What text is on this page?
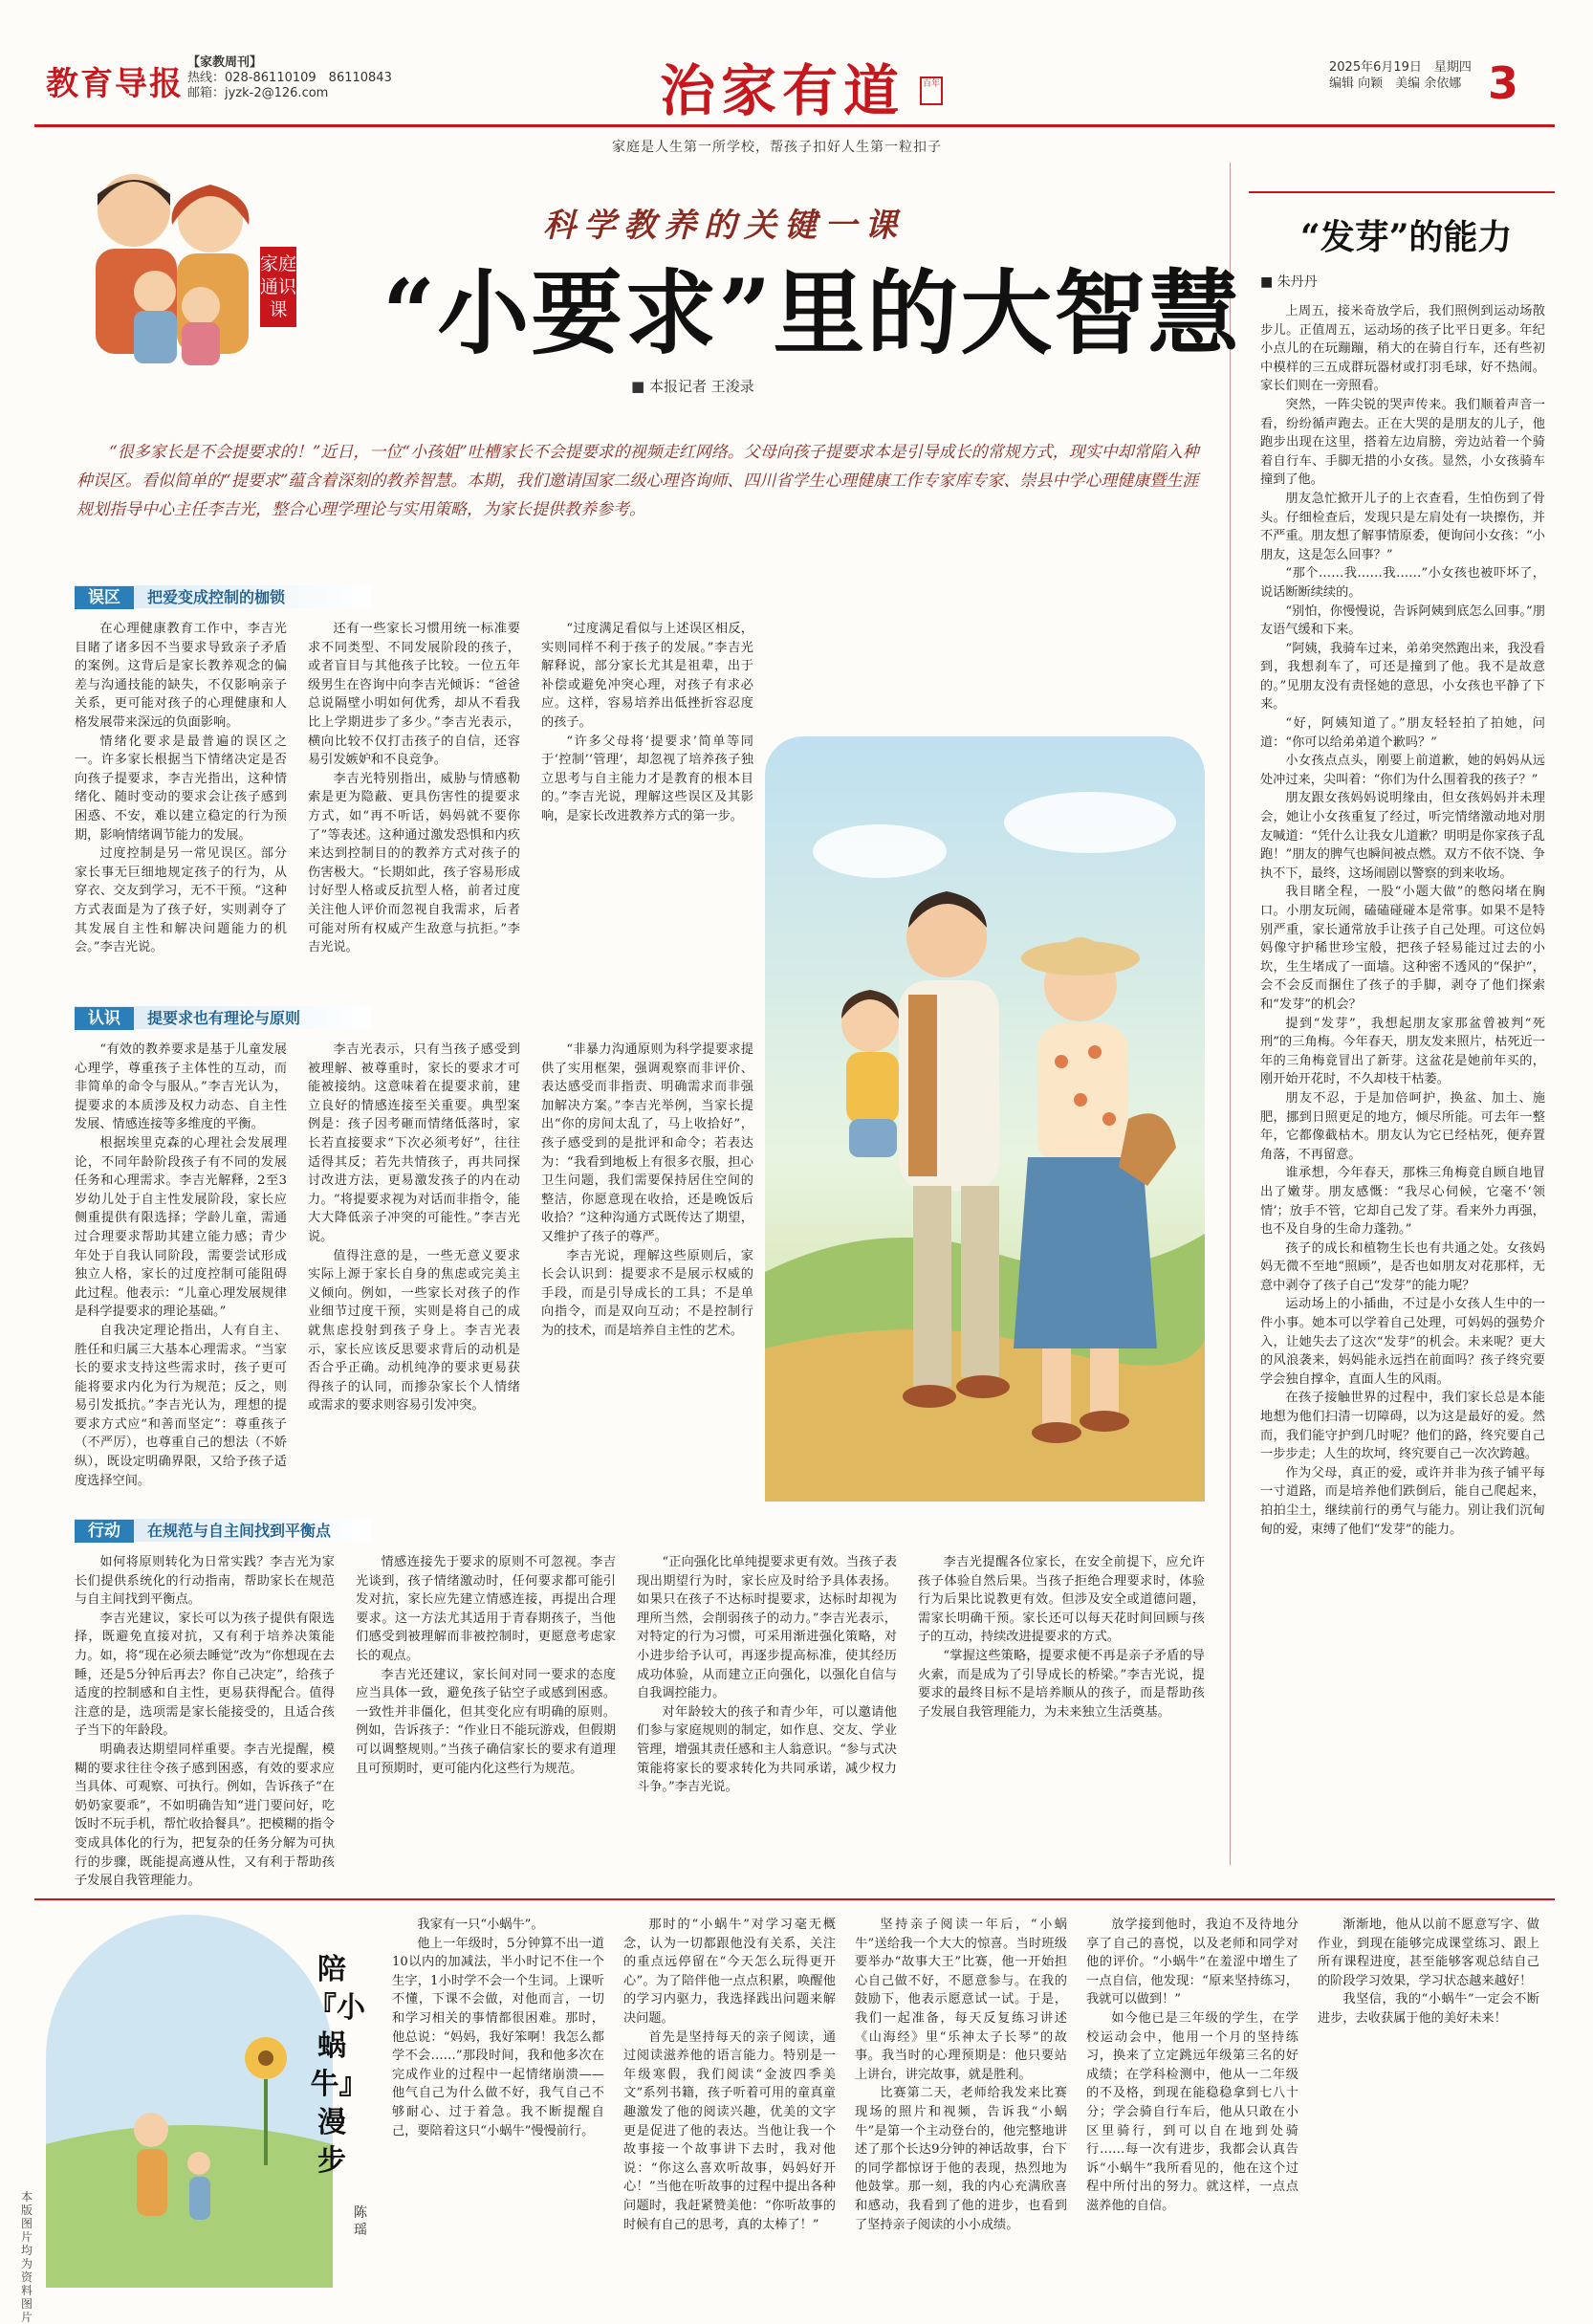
教育导报
【家教周刊】
热线：028-86110109　86110843
邮箱：jyzk-2@126.com	治家有道	百年
2025年6月19日　星期四
编辑 向颖　美编 余依娜 3
家庭是人生第一所学校，帮孩子扣好人生第一粒扣子
家庭通识课
科学教养的关键一课
“小要求”里的大智慧
■ 本报记者 王浚录
“很多家长是不会提要求的！”近日，一位“小孩姐”吐槽家长不会提要求的视频走红网络。父母向孩子提要求本是引导成长的常规方式，现实中却常陷入种种误区。看似简单的“提要求”蕴含着深刻的教养智慧。本期，我们邀请国家二级心理咨询师、四川省学生心理健康工作专家库专家、崇县中学心理健康暨生涯规划指导中心主任李吉光，整合心理学理论与实用策略，为家长提供教养参考。
误区 把爱变成控制的枷锁

在心理健康教育工作中，李吉光目睹了诸多因不当要求导致亲子矛盾的案例。这背后是家长教养观念的偏差与沟通技能的缺失，不仅影响亲子关系，更可能对孩子的心理健康和人格发展带来深远的负面影响。

情绪化要求是最普遍的误区之一。许多家长根据当下情绪决定是否向孩子提要求，李吉光指出，这种情绪化、随时变动的要求会让孩子感到困惑、不安，难以建立稳定的行为预期，影响情绪调节能力的发展。

过度控制是另一常见误区。部分家长事无巨细地规定孩子的行为，从穿衣、交友到学习，无不干预。“这种方式表面是为了孩子好，实则剥夺了其发展自主性和解决问题能力的机会。”李吉光说。

还有一些家长习惯用统一标准要求不同类型、不同发展阶段的孩子，或者盲目与其他孩子比较。一位五年级男生在咨询中向李吉光倾诉：“爸爸总说隔壁小明如何优秀，却从不看我比上学期进步了多少。”李吉光表示，横向比较不仅打击孩子的自信，还容易引发嫉妒和不良竞争。

李吉光特别指出，威胁与情感勒索是更为隐蔽、更具伤害性的提要求方式，如“再不听话，妈妈就不要你了”等表述。这种通过激发恐惧和内疚来达到控制目的的教养方式对孩子的伤害极大。“长期如此，孩子容易形成讨好型人格或反抗型人格，前者过度关注他人评价而忽视自我需求，后者可能对所有权威产生敌意与抗拒。”李吉光说。

“过度满足看似与上述误区相反，实则同样不利于孩子的发展。”李吉光解释说，部分家长尤其是祖辈，出于补偿或避免冲突心理，对孩子有求必应。这样，容易培养出低挫折容忍度的孩子。

“许多父母将‘提要求’简单等同于‘控制’‘管理’，却忽视了培养孩子独立思考与自主能力才是教育的根本目的。”李吉光说，理解这些误区及其影响，是家长改进教养方式的第一步。

认识 提要求也有理论与原则

“有效的教养要求是基于儿童发展心理学，尊重孩子主体性的互动，而非简单的命令与服从。”李吉光认为，提要求的本质涉及权力动态、自主性发展、情感连接等多维度的平衡。

根据埃里克森的心理社会发展理论，不同年龄阶段孩子有不同的发展任务和心理需求。李吉光解释，2至3岁幼儿处于自主性发展阶段，家长应侧重提供有限选择；学龄儿童，需通过合理要求帮助其建立能力感；青少年处于自我认同阶段，需要尝试形成独立人格，家长的过度控制可能阻碍此过程。他表示：“儿童心理发展规律是科学提要求的理论基础。”

自我决定理论指出，人有自主、胜任和归属三大基本心理需求。“当家长的要求支持这些需求时，孩子更可能将要求内化为行为规范；反之，则易引发抵抗。”李吉光认为，理想的提要求方式应“和善而坚定”：尊重孩子（不严厉），也尊重自己的想法（不娇纵），既设定明确界限，又给予孩子适度选择空间。

李吉光表示，只有当孩子感受到被理解、被尊重时，家长的要求才可能被接纳。这意味着在提要求前，建立良好的情感连接至关重要。典型案例是：孩子因考砸而情绪低落时，家长若直接要求“下次必须考好”，往往适得其反；若先共情孩子，再共同探讨改进方法，更易激发孩子的内在动力。“将提要求视为对话而非指令，能大大降低亲子冲突的可能性。”李吉光说。

值得注意的是，一些无意义要求实际上源于家长自身的焦虑或完美主义倾向。例如，一些家长对孩子的作业细节过度干预，实则是将自己的成就焦虑投射到孩子身上。李吉光表示，家长应该反思要求背后的动机是否合乎正确。动机纯净的要求更易获得孩子的认同，而掺杂家长个人情绪或需求的要求则容易引发冲突。

“非暴力沟通原则为科学提要求提供了实用框架，强调观察而非评价、表达感受而非指责、明确需求而非强加解决方案。”李吉光举例，当家长提出“你的房间太乱了，马上收拾好”，孩子感受到的是批评和命令；若表达为：“我看到地板上有很多衣服，担心卫生问题，我们需要保持居住空间的整洁，你愿意现在收拾，还是晚饭后收拾？”这种沟通方式既传达了期望，又维护了孩子的尊严。

李吉光说，理解这些原则后，家长会认识到：提要求不是展示权威的手段，而是引导成长的工具；不是单向指令，而是双向互动；不是控制行为的技术，而是培养自主性的艺术。

行动 在规范与自主间找到平衡点

如何将原则转化为日常实践？李吉光为家长们提供系统化的行动指南，帮助家长在规范与自主间找到平衡点。

李吉光建议，家长可以为孩子提供有限选择，既避免直接对抗，又有利于培养决策能力。如，将“现在必须去睡觉”改为“你想现在去睡，还是5分钟后再去？你自己决定”，给孩子适度的控制感和自主性，更易获得配合。值得注意的是，选项需是家长能接受的，且适合孩子当下的年龄段。

明确表达期望同样重要。李吉光提醒，模糊的要求往往令孩子感到困惑，有效的要求应当具体、可观察、可执行。例如，告诉孩子“在奶奶家要乖”，不如明确告知“进门要问好，吃饭时不玩手机，帮忙收拾餐具”。把模糊的指令变成具体化的行为，把复杂的任务分解为可执行的步骤，既能提高遵从性，又有利于帮助孩子发展自我管理能力。

情感连接先于要求的原则不可忽视。李吉光谈到，孩子情绪激动时，任何要求都可能引发对抗，家长应先建立情感连接，再提出合理要求。这一方法尤其适用于青春期孩子，当他们感受到被理解而非被控制时，更愿意考虑家长的观点。

李吉光还建议，家长间对同一要求的态度应当具体一致，避免孩子钻空子或感到困惑。一致性并非僵化，但其变化应有明确的原则。例如，告诉孩子：“作业日不能玩游戏，但假期可以调整规则。”当孩子确信家长的要求有道理且可预期时，更可能内化这些行为规范。

“正向强化比单纯提要求更有效。当孩子表现出期望行为时，家长应及时给予具体表扬。如果只在孩子不达标时提要求，达标时却视为理所当然，会削弱孩子的动力。”李吉光表示，对特定的行为习惯，可采用渐进强化策略，对小进步给予认可，再逐步提高标准，使其经历成功体验，从而建立正向强化，以强化自信与自我调控能力。

对年龄较大的孩子和青少年，可以邀请他们参与家庭规则的制定，如作息、交友、学业管理，增强其责任感和主人翁意识。“参与式决策能将家长的要求转化为共同承诺，减少权力斗争。”李吉光说。

李吉光提醒各位家长，在安全前提下，应允许孩子体验自然后果。当孩子拒绝合理要求时，体验行为后果比说教更有效。但涉及安全或道德问题，需家长明确干预。家长还可以每天花时间回顾与孩子的互动，持续改进提要求的方式。

“掌握这些策略，提要求便不再是亲子矛盾的导火索，而是成为了引导成长的桥梁。”李吉光说，提要求的最终目标不是培养顺从的孩子，而是帮助孩子发展自我管理能力，为未来独立生活奠基。

“发芽”的能力
■ 朱丹丹

上周五，接米奇放学后，我们照例到运动场散步儿。正值周五，运动场的孩子比平日更多。年纪小点儿的在玩蹦蹦，稍大的在骑自行车，还有些初中模样的三五成群玩器材或打羽毛球，好不热闹。家长们则在一旁照看。

突然，一阵尖锐的哭声传来。我们顺着声音一看，纷纷循声跑去。正在大哭的是朋友的儿子，他跑步出现在这里，搭着左边肩膀，旁边站着一个骑着自行车、手脚无措的小女孩。显然，小女孩骑车撞到了他。

朋友急忙掀开儿子的上衣查看，生怕伤到了骨头。仔细检查后，发现只是左肩处有一块擦伤，并不严重。朋友想了解事情原委，便询问小女孩：“小朋友，这是怎么回事？”

“那个……我……我……”小女孩也被吓坏了，说话断断续续的。

“别怕，你慢慢说，告诉阿姨到底怎么回事。”朋友语气缓和下来。

“阿姨，我骑车过来，弟弟突然跑出来，我没看到，我想刹车了，可还是撞到了他。我不是故意的。”见朋友没有责怪她的意思，小女孩也平静了下来。

“好，阿姨知道了。”朋友轻轻拍了拍她，问道：“你可以给弟弟道个歉吗？”

小女孩点点头，刚要上前道歉，她的妈妈从远处冲过来，尖叫着：“你们为什么围着我的孩子？”

朋友跟女孩妈妈说明缘由，但女孩妈妈并未理会，她让小女孩重复了经过，听完情绪激动地对朋友喊道：“凭什么让我女儿道歉？明明是你家孩子乱跑！”朋友的脾气也瞬间被点燃。双方不依不饶、争执不下，最终，这场闹剧以警察的到来收场。

我目睹全程，一股“小题大做”的憋闷堵在胸口。小朋友玩闹，磕磕碰碰本是常事。如果不是特别严重，家长通常放手让孩子自己处理。可这位妈妈像守护稀世珍宝般，把孩子轻易能过过去的小坎，生生堵成了一面墙。这种密不透风的“保护”，会不会反而捆住了孩子的手脚，剥夺了他们探索和“发芽”的机会？

提到“发芽”，我想起朋友家那盆曾被判“死刑”的三角梅。今年春天，朋友发来照片，枯死近一年的三角梅竟冒出了新芽。这盆花是她前年买的，刚开始开花时，不久却枝干枯萎。

朋友不忍，于是加倍呵护，换盆、加土、施肥，挪到日照更足的地方，倾尽所能。可去年一整年，它都像截枯木。朋友认为它已经枯死，便弃置角落，不再留意。

谁承想，今年春天，那株三角梅竟自顾自地冒出了嫩芽。朋友感慨：“我尽心伺候，它毫不‘领情’；放手不管，它却自己发了芽。看来外力再强，也不及自身的生命力蓬勃。”

孩子的成长和植物生长也有共通之处。女孩妈妈无微不至地“照顾”，是否也如朋友对花那样，无意中剥夺了孩子自己“发芽”的能力呢？

运动场上的小插曲，不过是小女孩人生中的一件小事。她本可以学着自己处理，可妈妈的强势介入，让她失去了这次“发芽”的机会。未来呢？更大的风浪袭来，妈妈能永远挡在前面吗？孩子终究要学会独自撑伞，直面人生的风雨。

在孩子接触世界的过程中，我们家长总是本能地想为他们扫清一切障碍，以为这是最好的爱。然而，我们能守护到几时呢？他们的路，终究要自己一步步走；人生的坎坷，终究要自己一次次跨越。

作为父母，真正的爱，或许并非为孩子铺平每一寸道路，而是培养他们跌倒后，能自己爬起来，拍拍尘土，继续前行的勇气与能力。别让我们沉甸甸的爱，束缚了他们“发芽”的能力。

本版图片均为资料图片
陪『小蜗牛』漫步
陈瑶

我家有一只“小蜗牛”。

他上一年级时，5分钟算不出一道10以内的加减法，半小时记不住一个生字，1小时学不会一个生词。上课听不懂，下课不会做，对他而言，一切和学习相关的事情都很困难。那时，他总说：“妈妈，我好笨啊！我怎么都学不会……”那段时间，我和他多次在完成作业的过程中一起情绪崩溃——他气自己为什么做不好，我气自己不够耐心、过于着急。我不断提醒自己，要陪着这只“小蜗牛”慢慢前行。

那时的“小蜗牛”对学习毫无概念，认为一切都跟他没有关系，关注的重点远停留在“今天怎么玩得更开心”。为了陪伴他一点点积累，唤醒他的学习内驱力，我选择践出问题来解决问题。

首先是坚持每天的亲子阅读，通过阅读滋养他的语言能力。特别是一年级寒假，我们阅读“金波四季美文”系列书籍，孩子听着可用的童真童趣激发了他的阅读兴趣，优美的文字更是促进了他的表达。当他让我一个故事接一个故事讲下去时，我对他说：“你这么喜欢听故事，妈妈好开心！”当他在听故事的过程中提出各种问题时，我赶紧赞美他：“你听故事的时候有自己的思考，真的太棒了！”

坚持亲子阅读一年后，“小蜗牛”送给我一个大大的惊喜。当时班级要举办“故事大王”比赛，他一开始担心自己做不好，不愿意参与。在我的鼓励下，他表示愿意试一试。于是，我们一起准备，每天反复练习讲述《山海经》里“乐神太子长琴”的故事。我当时的心理预期是：他只要站上讲台，讲完故事，就是胜利。

比赛第二天，老师给我发来比赛现场的照片和视频，告诉我“小蜗牛”是第一个主动登台的，他完整地讲述了那个长达9分钟的神话故事，台下的同学都惊讶于他的表现，热烈地为他鼓掌。那一刻，我的内心充满欣喜和感动，我看到了他的进步，也看到了坚持亲子阅读的小小成绩。

放学接到他时，我迫不及待地分享了自己的喜悦，以及老师和同学对他的评价。“小蜗牛”在羞涩中增生了一点自信，他发现：“原来坚持练习，我就可以做到！”

如今他已是三年级的学生，在学校运动会中，他用一个月的坚持练习，换来了立定跳远年级第三名的好成绩；在学科检测中，他从一二年级的不及格，到现在能稳稳拿到七八十分；学会骑自行车后，他从只敢在小区里骑行，到可以自在地到处骑行……每一次有进步，我都会认真告诉“小蜗牛”我所看见的，他在这个过程中所付出的努力。就这样，一点点滋养他的自信。

渐渐地，他从以前不愿意写字、做作业，到现在能够完成课堂练习、跟上所有课程进度，甚至能够客观总结自己的阶段学习效果，学习状态越来越好！

我坚信，我的“小蜗牛”一定会不断进步，去收获属于他的美好未来！
